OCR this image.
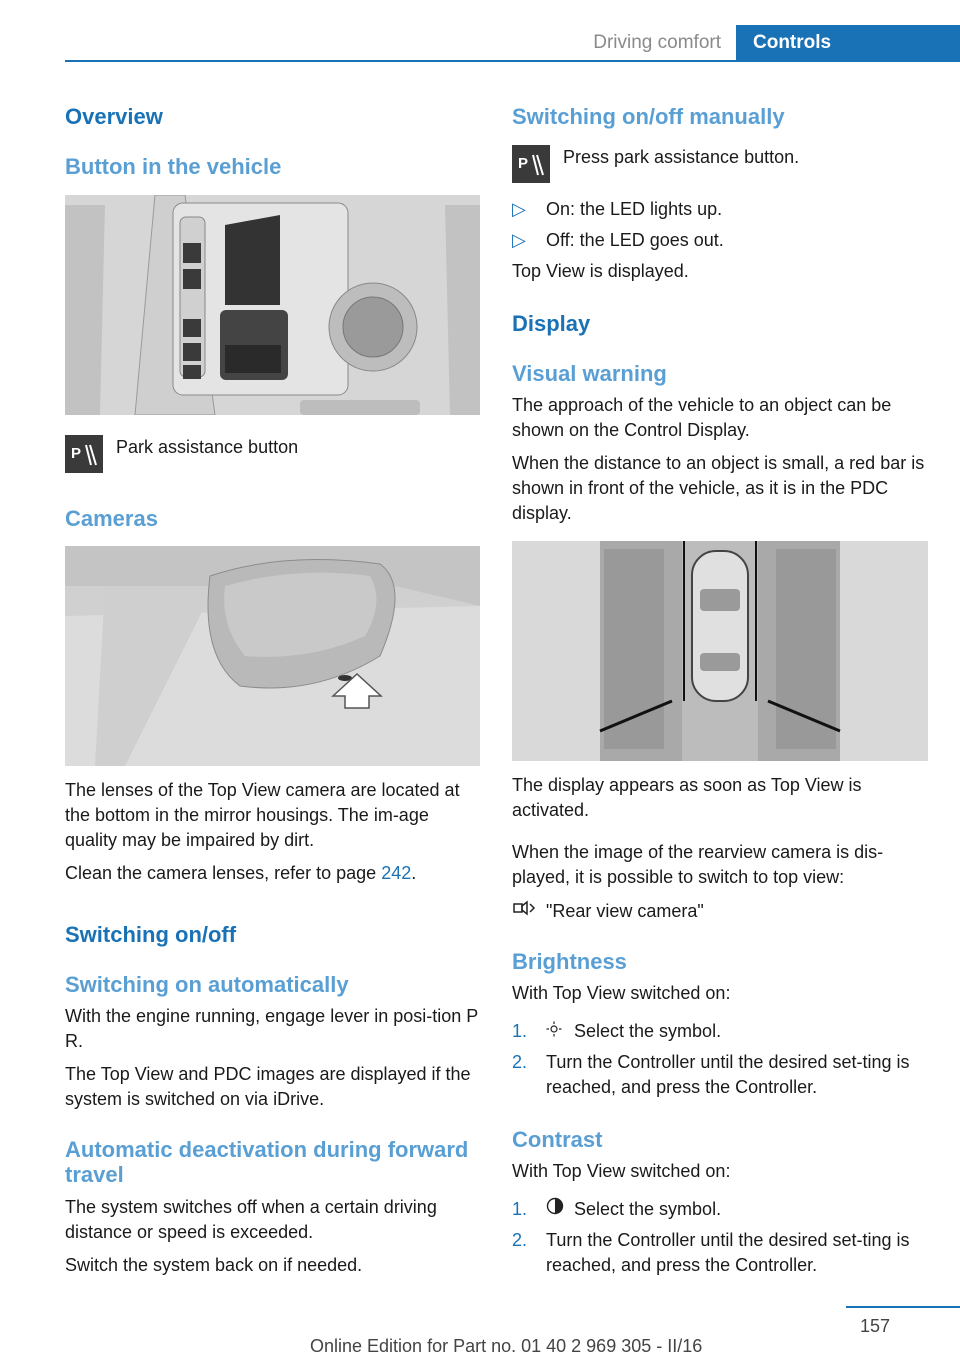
Driving comfort Controls
Overview
Button in the vehicle
P Park assistance button
Cameras

The lenses of the Top View camera are located at the bottom in the mirror housings. The im‐age quality may be impaired by dirt.

Clean the camera lenses, refer to page 242.

Switching on/off
Switching on automatically

With the engine running, engage lever in posi‐tion P R.

The Top View and PDC images are displayed if the system is switched on via iDrive.

Automatic deactivation during forward travel

The system switches off when a certain driving distance or speed is exceeded.

Switch the system back on if needed.

Switching on/off manually
P Press park assistance button.
▷	On: the LED lights up.
▷	Off: the LED goes out.
Top View is displayed.
Display
Visual warning

The approach of the vehicle to an object can be shown on the Control Display.

When the distance to an object is small, a red bar is shown in front of the vehicle, as it is in the PDC display.

The display appears as soon as Top View is activated.

When the image of the rearview camera is dis‐played, it is possible to switch to top view:

"Rear view camera"
Brightness
With Top View switched on:
1.	Select the symbol.
2.	Turn the Controller until the desired set‐ting is reached, and press the Controller.
Contrast
With Top View switched on:
1.	Select the symbol.
2.	Turn the Controller until the desired set‐ting is reached, and press the Controller.
157
Online Edition for Part no. 01 40 2 969 305 - II/16
